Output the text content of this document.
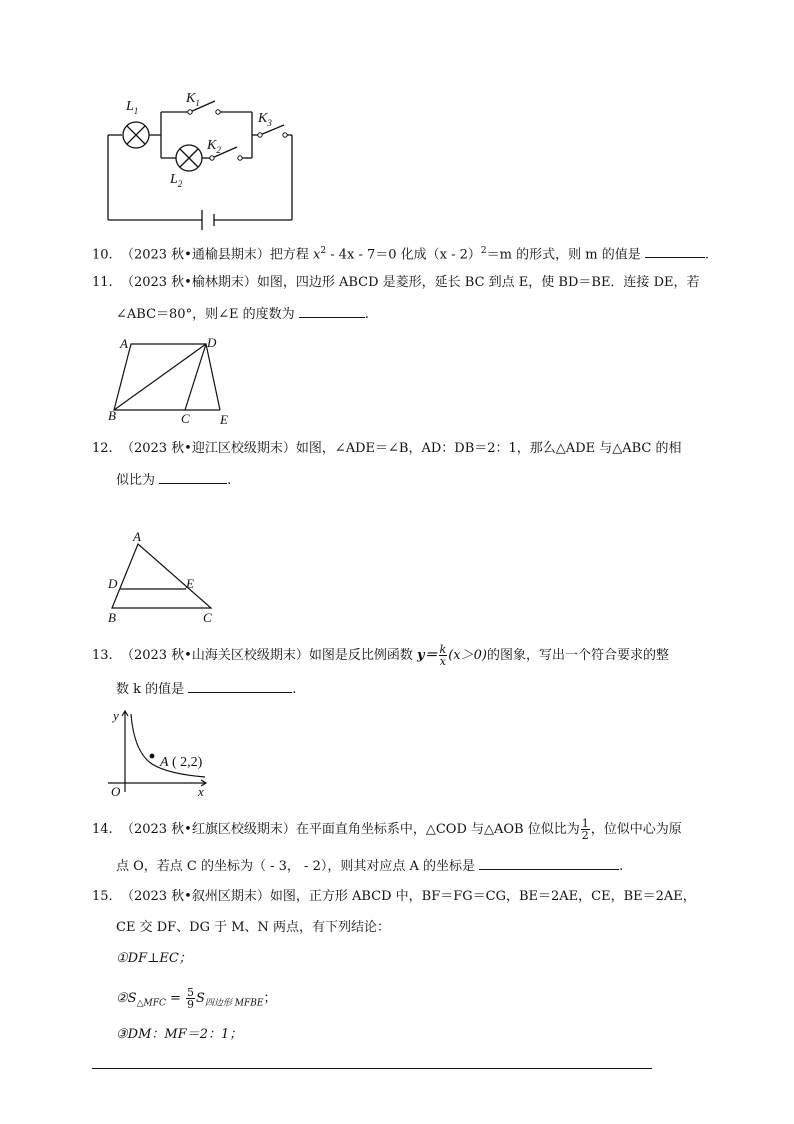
$L_1$
$K_1$
$K_3$
$K_2$
$L_2$
10. （2023 秋•通榆县期末）把方程 $x^2 - 4x - 7=0$ 化成（x - 2）$^2$＝m 的形式，则 m 的值是	.
11. （2023 秋•榆林期末）如图，四边形 ABCD 是菱形，延长 BC 到点 E，使 BD＝BE．连接 DE，若
∠ABC＝80°，则∠E 的度数为	.
A	D
B	C E
12. （2023 秋•迎江区校级期末）如图，∠ADE＝∠B，AD：DB＝2：1，那么△ADE 与△ABC 的相
似比为	.
A
D	E
B	C
13. （2023 秋•山海关区校级期末）如图是反比例函数 $y= \frac{k}{x} (x>0)$的图象，写出一个符合要求的整
数 k 的值是	.
y
x
O
A ( 2,2)
14. （2023 秋•红旗区校级期末）在平面直角坐标系中，△COD 与△AOB 位似比为 $\frac{1}{2}$ ，位似中心为原
点 O，若点 C 的坐标为（ - 3， - 2），则其对应点 A 的坐标是	.
15. （2023 秋•叙州区期末）如图，正方形 ABCD 中，BF＝FG＝CG，BE＝2AE，CE，BE＝2AE，
CE 交 DF、DG 于 M、N 两点，有下列结论：
①DF⊥EC；
$②S_{\triangle MFC} = \frac{5}{9} S_{四边形 MFBE}$；
③DM：MF＝2：1；
